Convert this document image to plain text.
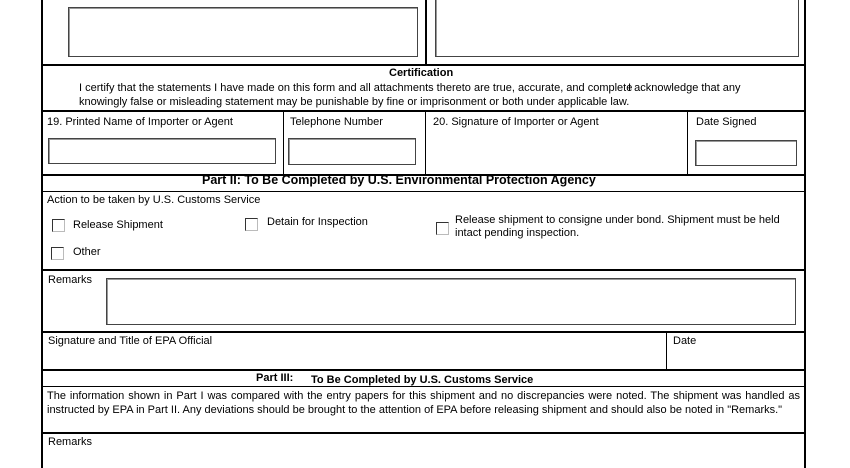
Certification
I certify that the statements I have made on this form and all attachments thereto are true, accurate, and complete
I acknowledge that any
knowingly false or misleading statement may be punishable by fine or imprisonment or both under applicable law.
19. Printed Name of Importer or Agent	Telephone Number	20. Signature of Importer or Agent	Date Signed
Part II: To Be Completed by U.S. Environmental Protection Agency
Action to be taken by U.S. Customs Service
Release Shipment	Detain for Inspection	Release shipment to consigne under bond. Shipment must be held
intact pending inspection.
Other
Remarks
Signature and Title of EPA Official	Date
Part III: To Be Completed by U.S. Customs Service
The information shown in Part I was compared with the entry papers for this shipment and no discrepancies were noted. The shipment was handled as instructed by EPA in Part II. Any deviations should be brought to the attention of EPA before releasing shipment and should also be noted in "Remarks."
Remarks
